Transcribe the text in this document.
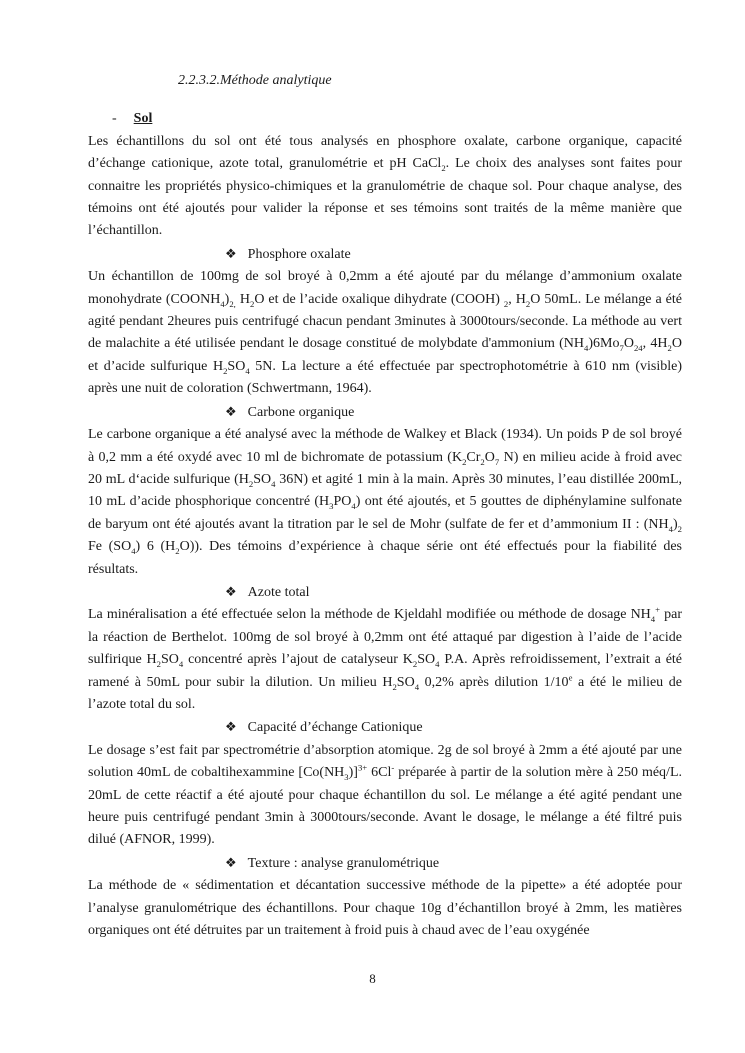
2.2.3.2.Méthode analytique
- Sol

Les échantillons du sol ont été tous analysés en phosphore oxalate, carbone organique, capacité d’échange cationique, azote total, granulométrie et pH CaCl$_2$. Le choix des analyses sont faites pour connaitre les propriétés physico-chimiques et la granulométrie de chaque sol. Pour chaque analyse, des témoins ont été ajoutés pour valider la réponse et ses témoins sont traités de la même manière que l’échantillon.

❖ Phosphore oxalate

Un échantillon de 100mg de sol broyé à 0,2mm a été ajouté par du mélange d’ammonium oxalate monohydrate $(COONH_4)_{2,}$ $H_2O$ et de l’acide oxalique dihydrate (COOH) $_2$, $H_2O$ 50mL. Le mélange a été agité pendant 2heures puis centrifugé chacun pendant 3minutes à 3000tours/seconde. La méthode au vert de malachite a été utilisée pendant le dosage constitué de molybdate d'ammonium $(NH_4)6Mo_7O_{24}$, $4H_2O$ et d’acide sulfurique $H_2SO_4$ 5N. La lecture a été effectuée par spectrophotométrie à 610 nm (visible) après une nuit de coloration (Schwertmann, 1964).

❖ Carbone organique

Le carbone organique a été analysé avec la méthode de Walkey et Black (1934). Un poids P de sol broyé à 0,2 mm a été oxydé avec 10 ml de bichromate de potassium ($K_2Cr_2O_7$ N) en milieu acide à froid avec 20 mL d‘acide sulfurique ($H_2SO_4$ 36N) et agité 1 min à la main. Après 30 minutes, l’eau distillée 200mL, 10 mL d’acide phosphorique concentré $(H_3PO_4)$ ont été ajoutés, et 5 gouttes de diphénylamine sulfonate de baryum ont été ajoutés avant la titration par le sel de Mohr (sulfate de fer et d’ammonium II : $(NH_4)_2$ Fe $(SO_4)$ 6 $(H_2O)$). Des témoins d’expérience à chaque série ont été effectués pour la fiabilité des résultats.

❖ Azote total

La minéralisation a été effectuée selon la méthode de Kjeldahl modifiée ou méthode de dosage $NH_4^+$ par la réaction de Berthelot. 100mg de sol broyé à 0,2mm ont été attaqué par digestion à l’aide de l’acide sulfirique $H_2SO_4$ concentré après l’ajout de catalyseur $K_2SO_4$ P.A. Après refroidissement, l’extrait a été ramené à 50mL pour subir la dilution. Un milieu $H_2SO_4$ 0,2% après dilution 1/10e a été le milieu de l’azote total du sol.

❖ Capacité d’échange Cationique

Le dosage s’est fait par spectrométrie d’absorption atomique. 2g de sol broyé à 2mm a été ajouté par une solution 40mL de cobaltihexammine $[Co(NH_3)]^{3+}$ 6Cl- préparée à partir de la solution mère à 250 méq/L. 20mL de cette réactif a été ajouté pour chaque échantillon du sol. Le mélange a été agité pendant une heure puis centrifugé pendant 3min à 3000tours/seconde. Avant le dosage, le mélange a été filtré puis dilué (AFNOR, 1999).

❖ Texture : analyse granulométrique

La méthode de « sédimentation et décantation successive méthode de la pipette» a été adoptée pour l’analyse granulométrique des échantillons. Pour chaque 10g d’échantillon broyé à 2mm, les matières organiques ont été détruites par un traitement à froid puis à chaud avec de l’eau oxygénée

8
